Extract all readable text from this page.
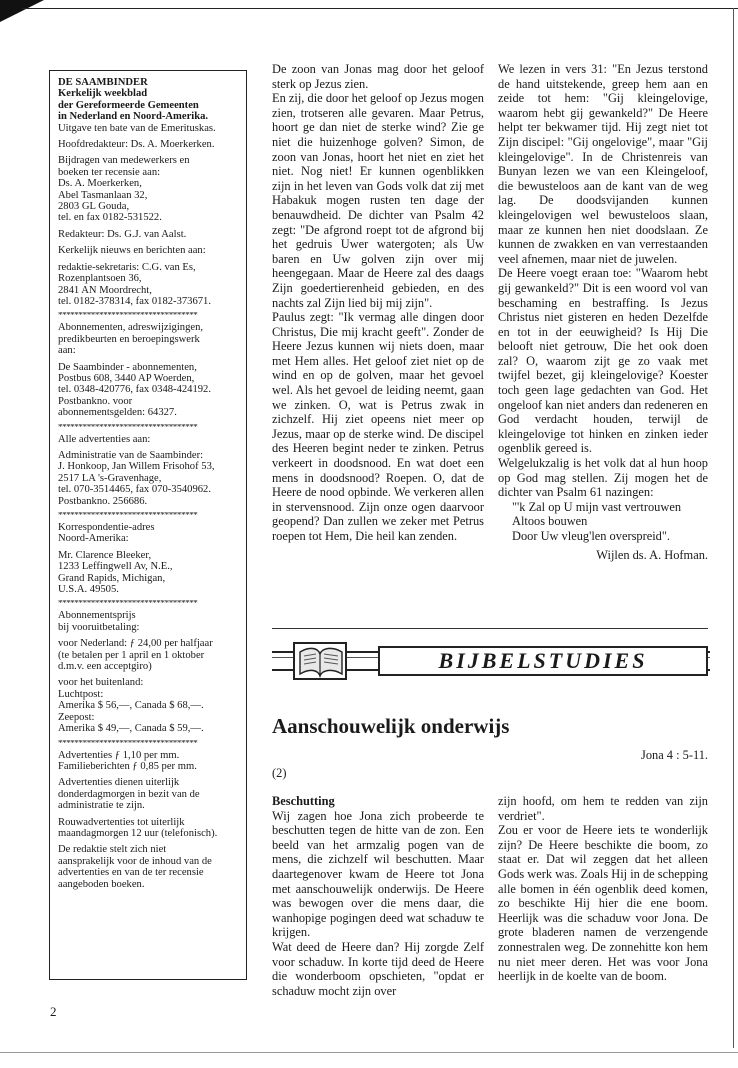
DE SAAMBINDER
Kerkelijk weekblad
der Gereformeerde Gemeenten
in Nederland en Noord-Amerika.
Uitgave ten bate van de Emerituskas.

Hoofdredakteur: Ds. A. Moerkerken.

Bijdragen van medewerkers en
boeken ter recensie aan:
Ds. A. Moerkerken,
Abel Tasmanlaan 32,
2803 GL Gouda,
tel. en fax 0182-531522.

Redakteur: Ds. G.J. van Aalst.

Kerkelijk nieuws en berichten aan:

redaktie-sekretaris: C.G. van Es,
Rozenplantsoen 36,
2841 AN Moordrecht,
tel. 0182-378314, fax 0182-373671.

**********************************

Abonnementen, adreswijzigingen,
predikbeurten en beroepingswerk
aan:

De Saambinder - abonnementen,
Postbus 608, 3440 AP Woerden,
tel. 0348-420776, fax 0348-424192.
Postbankno. voor
abonnementsgelden: 64327.

**********************************

Alle advertenties aan:

Administratie van de Saambinder:
J. Honkoop, Jan Willem Frisohof 53,
2517 LA 's-Gravenhage,
tel. 070-3514465, fax 070-3540962.
Postbankno. 256686.

**********************************

Korrespondentie-adres
Noord-Amerika:

Mr. Clarence Bleeker,
1233 Leffingwell Av, N.E.,
Grand Rapids, Michigan,
U.S.A. 49505.

**********************************

Abonnementsprijs
bij vooruitbetaling:

voor Nederland: ƒ 24,00 per halfjaar
(te betalen per 1 april en 1 oktober
d.m.v. een acceptgiro)

voor het buitenland:
Luchtpost:
Amerika $ 56,—, Canada $ 68,—.
Zeepost:
Amerika $ 49,—, Canada $ 59,—.

**********************************

Advertenties ƒ 1,10 per mm.
Familieberichten ƒ 0,85 per mm.

Advertenties dienen uiterlijk
donderdagmorgen in bezit van de
administratie te zijn.

Rouwadvertenties tot uiterlijk
maandagmorgen 12 uur (telefonisch).

De redaktie stelt zich niet
aansprakelijk voor de inhoud van de
advertenties en van de ter recensie
aangeboden boeken.

De zoon van Jonas mag door het geloof sterk op Jezus zien.

En zij, die door het geloof op Jezus mogen zien, trotseren alle gevaren. Maar Petrus, hoort ge dan niet de sterke wind? Zie ge niet die huizenhoge golven? Simon, de zoon van Jonas, hoort het niet en ziet het niet. Nog niet! Er kunnen ogenblikken zijn in het leven van Gods volk dat zij met Habakuk mogen rusten ten dage der benauwdheid. De dichter van Psalm 42 zegt: "De afgrond roept tot de afgrond bij het gedruis Uwer watergoten; als Uw baren en Uw golven zijn over mij heengegaan. Maar de Heere zal des daags Zijn goedertierenheid gebieden, en des nachts zal Zijn lied bij mij zijn".

Paulus zegt: "Ik vermag alle dingen door Christus, Die mij kracht geeft". Zonder de Heere Jezus kunnen wij niets doen, maar met Hem alles. Het geloof ziet niet op de wind en op de golven, maar het gevoel wel. Als het gevoel de leiding neemt, gaan we zinken. O, wat is Petrus zwak in zichzelf. Hij ziet opeens niet meer op Jezus, maar op de sterke wind. De discipel des Heeren begint neder te zinken. Petrus verkeert in doodsnood. En wat doet een mens in doodsnood? Roepen. O, dat de Heere de nood opbinde. We verkeren allen in stervensnood. Zijn onze ogen daarvoor geopend? Dan zullen we zeker met Petrus roepen tot Hem, Die heil kan zenden.

We lezen in vers 31: "En Jezus terstond de hand uitstekende, greep hem aan en zeide tot hem: "Gij kleingelovige, waarom hebt gij gewankeld?" De Heere helpt ter bekwamer tijd. Hij zegt niet tot Zijn discipel: "Gij ongelovige", maar "Gij kleingelovige". In de Christenreis van Bunyan lezen we van een Kleingeloof, die bewusteloos aan de kant van de weg lag. De doodsvijanden kunnen kleingelovigen wel bewusteloos slaan, maar ze kunnen hen niet doodslaan. Ze kunnen de zwakken en van verrestaanden veel afnemen, maar niet de juwelen.

De Heere voegt eraan toe: "Waarom hebt gij gewankeld?" Dit is een woord vol van beschaming en bestraffing. Is Jezus Christus niet gisteren en heden Dezelfde en tot in der eeuwigheid? Is Hij Die belooft niet getrouw, Die het ook doen zal? O, waarom zijt ge zo vaak met twijfel bezet, gij kleingelovige? Koester toch geen lage gedachten van God. Het ongeloof kan niet anders dan redeneren en God verdacht houden, terwijl de kleingelovige tot hinken en zinken ieder ogenblik gereed is.

Welgelukzalig is het volk dat al hun hoop op God mag stellen. Zij mogen het de dichter van Psalm 61 nazingen:

"'k Zal op U mijn vast vertrouwen

Altoos bouwen

Door Uw vleug'len overspreid".

Wijlen ds. A. Hofman.

BIJBELSTUDIES
Aanschouwelijk onderwijs
Jona 4 : 5-11.
(2)

Beschutting

Wij zagen hoe Jona zich probeerde te beschutten tegen de hitte van de zon. Een beeld van het armzalig pogen van de mens, die zichzelf wil beschutten. Maar daartegenover kwam de Heere tot Jona met aanschouwelijk onderwijs. De Heere was bewogen over die mens daar, die wanhopige pogingen deed wat schaduw te krijgen.

Wat deed de Heere dan? Hij zorgde Zelf voor schaduw. In korte tijd deed de Heere die wonderboom opschieten, "opdat er schaduw mocht zijn over

zijn hoofd, om hem te redden van zijn verdriet".

Zou er voor de Heere iets te wonderlijk zijn? De Heere beschikte die boom, zo staat er. Dat wil zeggen dat het alleen Gods werk was. Zoals Hij in de schepping alle bomen in één ogenblik deed komen, zo beschikte Hij hier die ene boom. Heerlijk was die schaduw voor Jona. De grote bladeren namen de verzengende zonnestralen weg. De zonnehitte kon hem nu niet meer deren. Het was voor Jona heerlijk in de koelte van de boom.

2
